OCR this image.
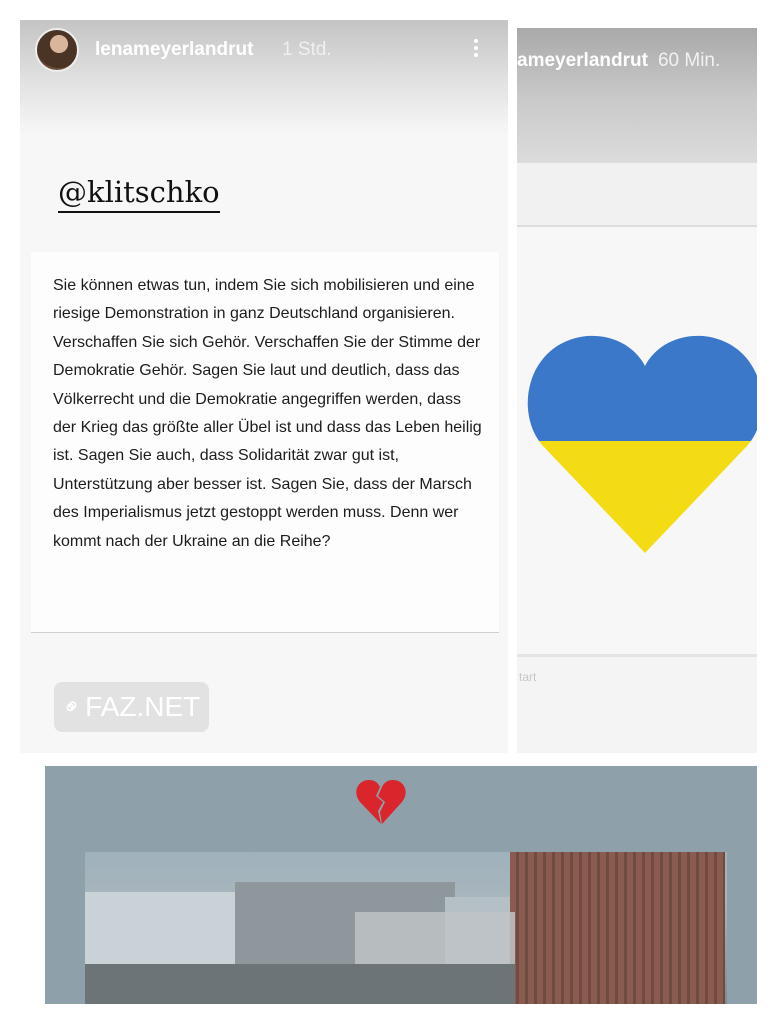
ameyerlandrut 60 Min.
tart
lenameyerlandrut 1 Std.
@klitschko
Sie können etwas tun, indem Sie sich mobilisieren und eine riesige Demonstration in ganz Deutschland organisieren. Verschaffen Sie sich Gehör. Verschaffen Sie der Stimme der Demokratie Gehör. Sagen Sie laut und deutlich, dass das Völkerrecht und die Demokratie angegriffen werden, dass der Krieg das größte aller Übel ist und dass das Leben heilig ist. Sagen Sie auch, dass Solidarität zwar gut ist, Unterstützung aber besser ist. Sagen Sie, dass der Marsch des Imperialismus jetzt gestoppt werden muss. Denn wer kommt nach der Ukraine an die Reihe?
⚭
FAZ.NET
